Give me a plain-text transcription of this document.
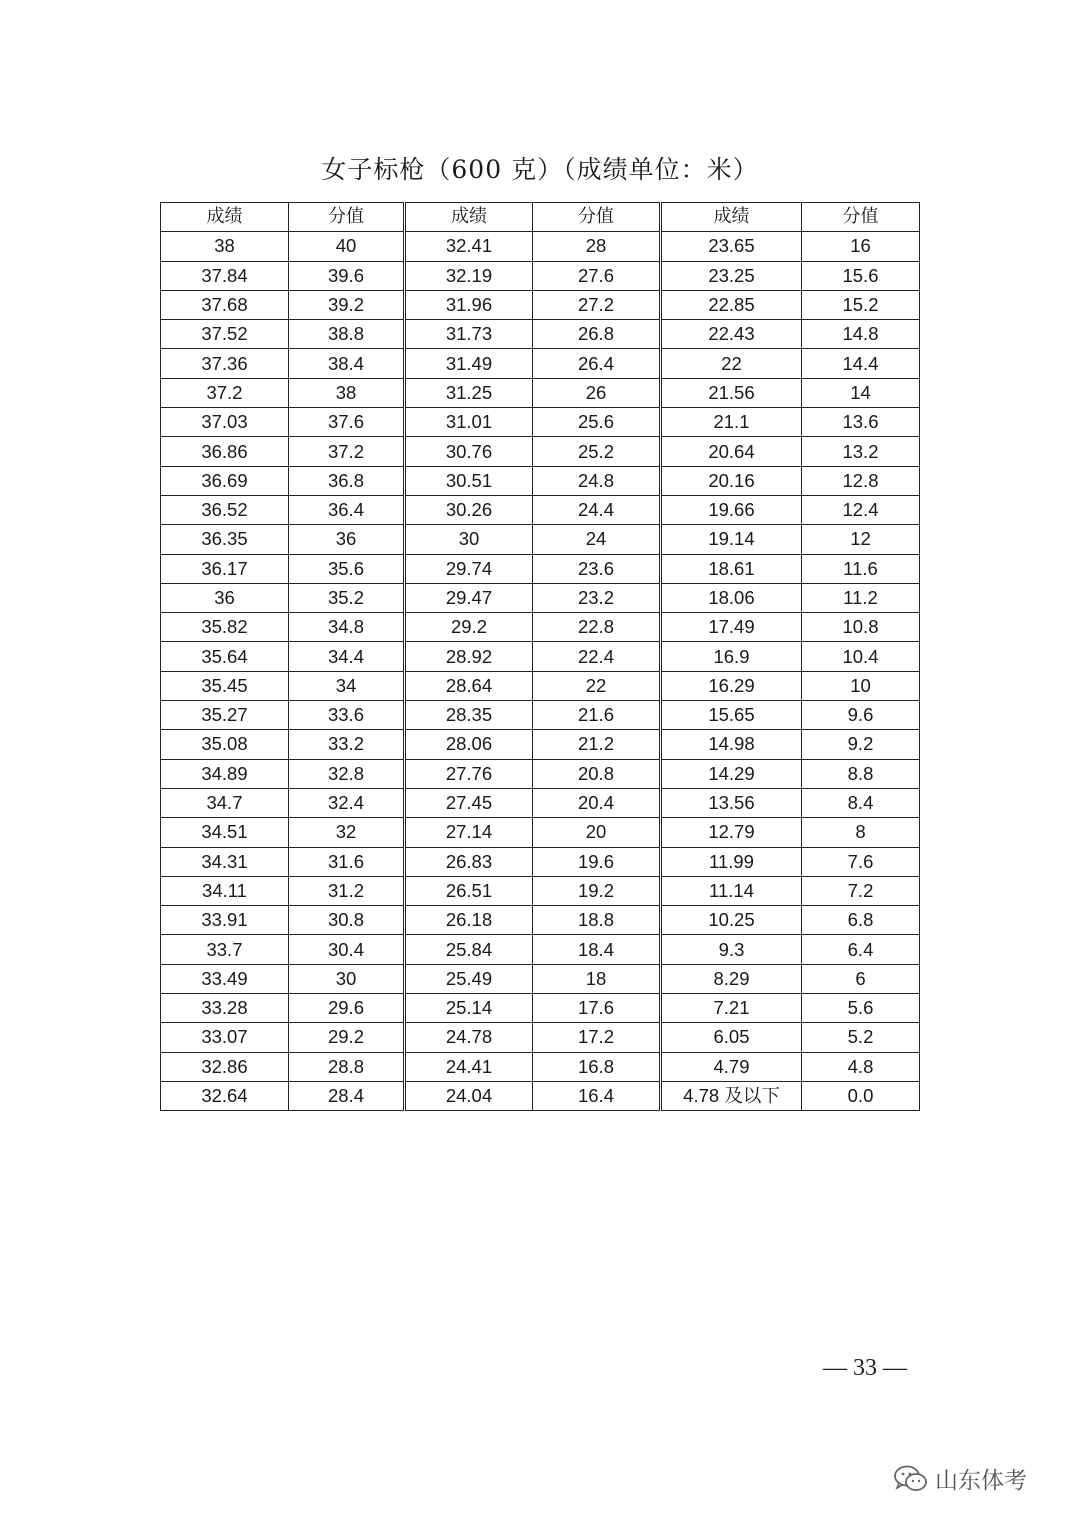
女子标枪（600 克）（成绩单位：米）
成绩	分值	成绩	分值	成绩	分值
38	40	32.41	28	23.65	16
37.84	39.6	32.19	27.6	23.25	15.6
37.68	39.2	31.96	27.2	22.85	15.2
37.52	38.8	31.73	26.8	22.43	14.8
37.36	38.4	31.49	26.4	22	14.4
37.2	38	31.25	26	21.56	14
37.03	37.6	31.01	25.6	21.1	13.6
36.86	37.2	30.76	25.2	20.64	13.2
36.69	36.8	30.51	24.8	20.16	12.8
36.52	36.4	30.26	24.4	19.66	12.4
36.35	36	30	24	19.14	12
36.17	35.6	29.74	23.6	18.61	11.6
36	35.2	29.47	23.2	18.06	11.2
35.82	34.8	29.2	22.8	17.49	10.8
35.64	34.4	28.92	22.4	16.9	10.4
35.45	34	28.64	22	16.29	10
35.27	33.6	28.35	21.6	15.65	9.6
35.08	33.2	28.06	21.2	14.98	9.2
34.89	32.8	27.76	20.8	14.29	8.8
34.7	32.4	27.45	20.4	13.56	8.4
34.51	32	27.14	20	12.79	8
34.31	31.6	26.83	19.6	11.99	7.6
34.11	31.2	26.51	19.2	11.14	7.2
33.91	30.8	26.18	18.8	10.25	6.8
33.7	30.4	25.84	18.4	9.3	6.4
33.49	30	25.49	18	8.29	6
33.28	29.6	25.14	17.6	7.21	5.6
33.07	29.2	24.78	17.2	6.05	5.2
32.86	28.8	24.41	16.8	4.79	4.8
32.64	28.4	24.04	16.4	4.78 及以下	0.0
— 33 —
山东体考
